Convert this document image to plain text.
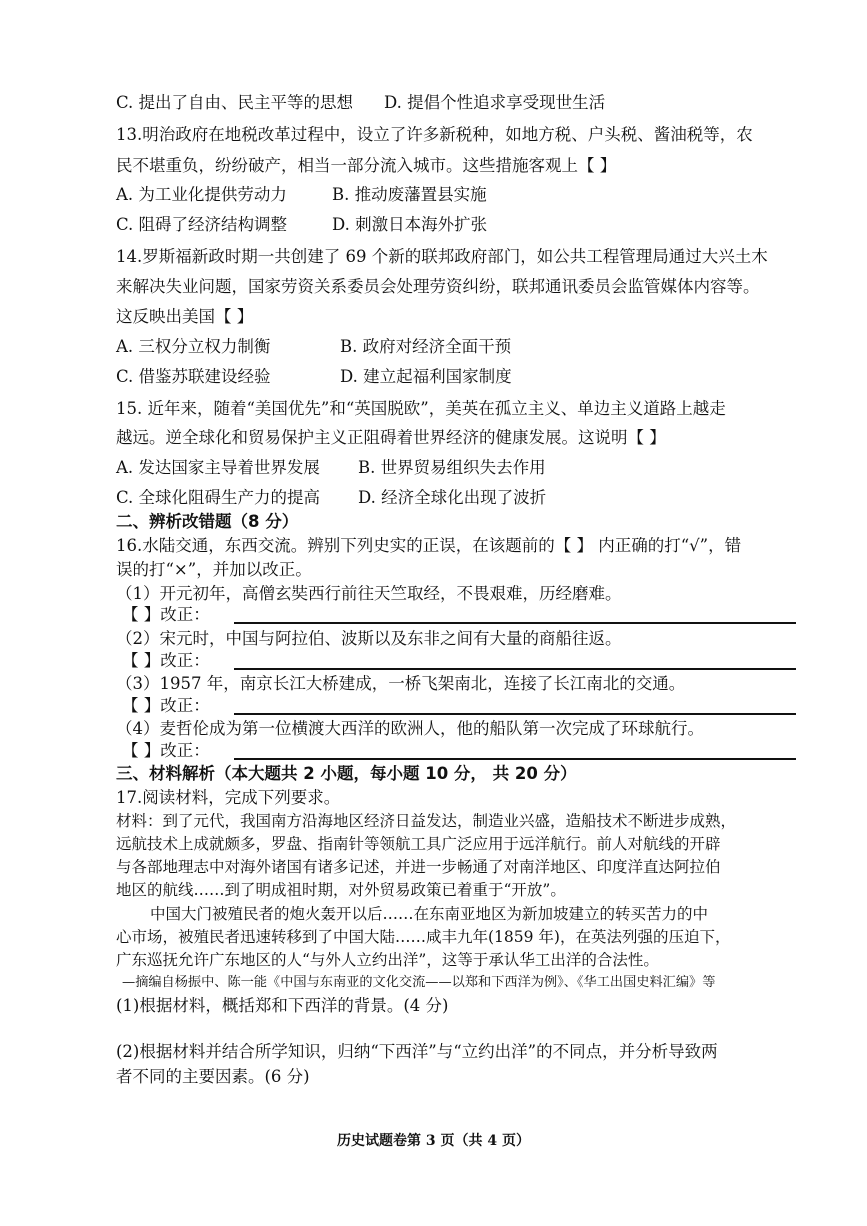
C. 提出了自由、民主平等的思想 D. 提倡个性追求享受现世生活
13.明治政府在地税改革过程中，设立了许多新税种，如地方税、户头税、酱油税等，农
民不堪重负，纷纷破产，相当一部分流入城市。这些措施客观上【 】
A. 为工业化提供劳动力	B. 推动废藩置县实施
C. 阻碍了经济结构调整	D. 刺激日本海外扩张
14.罗斯福新政时期一共创建了 69 个新的联邦政府部门，如公共工程管理局通过大兴土木
来解决失业问题，国家劳资关系委员会处理劳资纠纷，联邦通讯委员会监管媒体内容等。
这反映出美国【 】
A. 三权分立权力制衡	B. 政府对经济全面干预
C. 借鉴苏联建设经验	D. 建立起福利国家制度
15. 近年来，随着“美国优先”和“英国脱欧”，美英在孤立主义、单边主义道路上越走
越远。逆全球化和贸易保护主义正阻碍着世界经济的健康发展。这说明【 】
A. 发达国家主导着世界发展 B. 世界贸易组织失去作用
C. 全球化阻碍生产力的提高 D. 经济全球化出现了波折
二、辨析改错题（8 分）
16.水陆交通，东西交流。辨别下列史实的正误，在该题前的【 】 内正确的打“√”，错
误的打“×”，并加以改正。
（1）开元初年，高僧玄奘西行前往天竺取经，不畏艰难，历经磨难。
【 】改正：
（2）宋元时，中国与阿拉伯、波斯以及东非之间有大量的商船往返。
【 】改正：
（3）1957 年，南京长江大桥建成，一桥飞架南北，连接了长江南北的交通。
【 】改正：
（4）麦哲伦成为第一位横渡大西洋的欧洲人，他的船队第一次完成了环球航行。
【 】改正：
三、材料解析（本大题共 2 小题，每小题 10 分， 共 20 分）
17.阅读材料，完成下列要求。
材料：到了元代，我国南方沿海地区经济日益发达，制造业兴盛，造船技术不断进步成熟，
远航技术上成就颇多，罗盘、指南针等领航工具广泛应用于远洋航行。前人对航线的开辟
与各部地理志中对海外诸国有诸多记述，并进一步畅通了对南洋地区、印度洋直达阿拉伯
地区的航线……到了明成祖时期，对外贸易政策已着重于“开放”。
中国大门被殖民者的炮火轰开以后……在东南亚地区为新加坡建立的转买苦力的中
心市场，被殖民者迅速转移到了中国大陆……咸丰九年(1859 年)，在英法列强的压迫下，
广东巡抚允许广东地区的人“与外人立约出洋”，这等于承认华工出洋的合法性。
—摘编自杨振中、陈一能《中国与东南亚的文化交流——以郑和下西洋为例》、《华工出国史料汇编》等
(1)根据材料，概括郑和下西洋的背景。(4 分)
(2)根据材料并结合所学知识，归纳“下西洋”与“立约出洋”的不同点，并分析导致两
者不同的主要因素。(6 分)
历史试题卷第 3 页（共 4 页）
